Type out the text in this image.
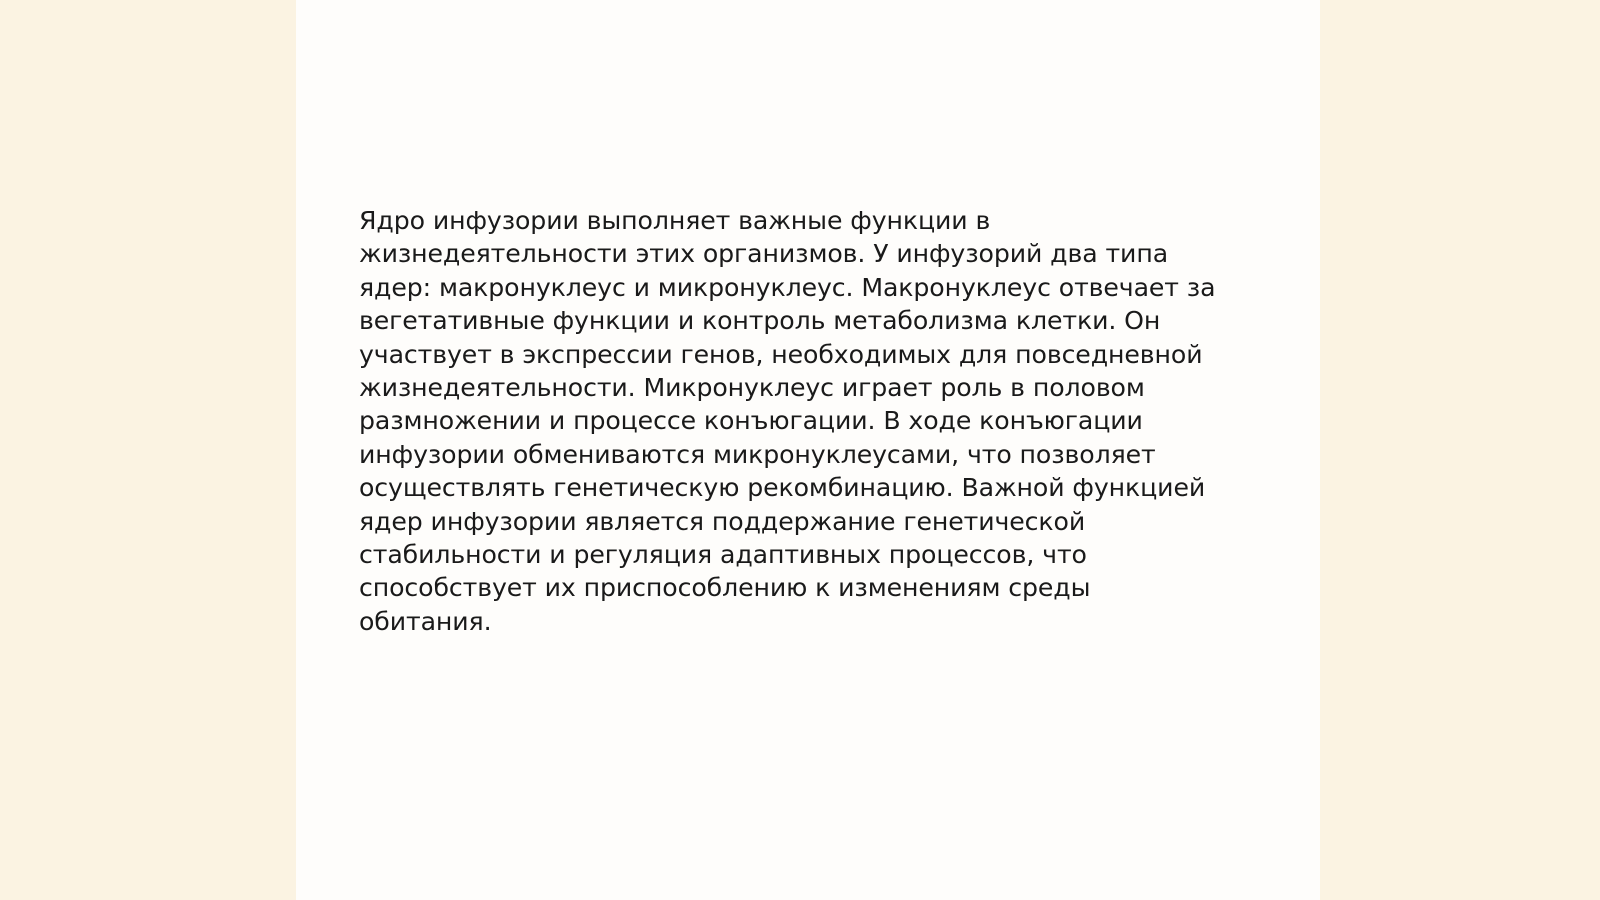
Ядро инфузории выполняет важные функции в
жизнедеятельности этих организмов. У инфузорий два типа
ядер: макронуклеус и микронуклеус. Макронуклеус отвечает за
вегетативные функции и контроль метаболизма клетки. Он
участвует в экспрессии генов, необходимых для повседневной
жизнедеятельности. Микронуклеус играет роль в половом
размножении и процессе конъюгации. В ходе конъюгации
инфузории обмениваются микронуклеусами, что позволяет
осуществлять генетическую рекомбинацию. Важной функцией
ядер инфузории является поддержание генетической
стабильности и регуляция адаптивных процессов, что
способствует их приспособлению к изменениям среды
обитания.
